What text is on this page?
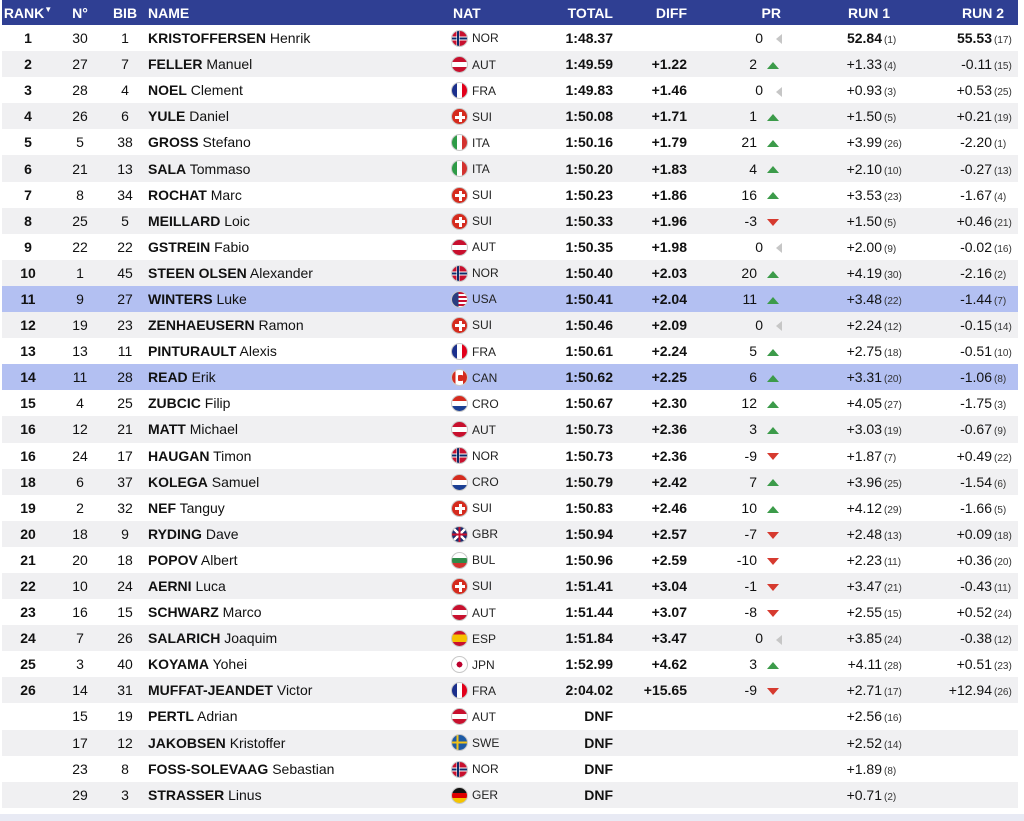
RANK▼	N°	BIB	NAME	NAT	TOTAL	DIFF	PR	RUN 1	RUN 2
1	30	1	KRISTOFFERSEN Henrik	NOR	1:48.37		0	52.84 (1)	55.53 (17)
2	27	7	FELLER Manuel	AUT	1:49.59	+1.22	2	+1.33 (4)	-0.11 (15)
3	28	4	NOEL Clement	FRA	1:49.83	+1.46	0	+0.93 (3)	+0.53 (25)
4	26	6	YULE Daniel	SUI	1:50.08	+1.71	1	+1.50 (5)	+0.21 (19)
5	5	38	GROSS Stefano	ITA	1:50.16	+1.79	21	+3.99 (26)	-2.20 (1)
6	21	13	SALA Tommaso	ITA	1:50.20	+1.83	4	+2.10 (10)	-0.27 (13)
7	8	34	ROCHAT Marc	SUI	1:50.23	+1.86	16	+3.53 (23)	-1.67 (4)
8	25	5	MEILLARD Loic	SUI	1:50.33	+1.96	-3	+1.50 (5)	+0.46 (21)
9	22	22	GSTREIN Fabio	AUT	1:50.35	+1.98	0	+2.00 (9)	-0.02 (16)
10	1	45	STEEN OLSEN Alexander	NOR	1:50.40	+2.03	20	+4.19 (30)	-2.16 (2)
11	9	27	WINTERS Luke	USA	1:50.41	+2.04	11	+3.48 (22)	-1.44 (7)
12	19	23	ZENHAEUSERN Ramon	SUI	1:50.46	+2.09	0	+2.24 (12)	-0.15 (14)
13	13	11	PINTURAULT Alexis	FRA	1:50.61	+2.24	5	+2.75 (18)	-0.51 (10)
14	11	28	READ Erik	CAN	1:50.62	+2.25	6	+3.31 (20)	-1.06 (8)
15	4	25	ZUBCIC Filip	CRO	1:50.67	+2.30	12	+4.05 (27)	-1.75 (3)
16	12	21	MATT Michael	AUT	1:50.73	+2.36	3	+3.03 (19)	-0.67 (9)
16	24	17	HAUGAN Timon	NOR	1:50.73	+2.36	-9	+1.87 (7)	+0.49 (22)
18	6	37	KOLEGA Samuel	CRO	1:50.79	+2.42	7	+3.96 (25)	-1.54 (6)
19	2	32	NEF Tanguy	SUI	1:50.83	+2.46	10	+4.12 (29)	-1.66 (5)
20	18	9	RYDING Dave	GBR	1:50.94	+2.57	-7	+2.48 (13)	+0.09 (18)
21	20	18	POPOV Albert	BUL	1:50.96	+2.59	-10	+2.23 (11)	+0.36 (20)
22	10	24	AERNI Luca	SUI	1:51.41	+3.04	-1	+3.47 (21)	-0.43 (11)
23	16	15	SCHWARZ Marco	AUT	1:51.44	+3.07	-8	+2.55 (15)	+0.52 (24)
24	7	26	SALARICH Joaquim	ESP	1:51.84	+3.47	0	+3.85 (24)	-0.38 (12)
25	3	40	KOYAMA Yohei	JPN	1:52.99	+4.62	3	+4.11 (28)	+0.51 (23)
26	14	31	MUFFAT-JEANDET Victor	FRA	2:04.02	+15.65	-9	+2.71 (17)	+12.94 (26)
	15	19	PERTL Adrian	AUT	DNF			+2.56 (16)	
	17	12	JAKOBSEN Kristoffer	SWE	DNF			+2.52 (14)	
	23	8	FOSS-SOLEVAAG Sebastian	NOR	DNF			+1.89 (8)	
	29	3	STRASSER Linus	GER	DNF			+0.71 (2)	
